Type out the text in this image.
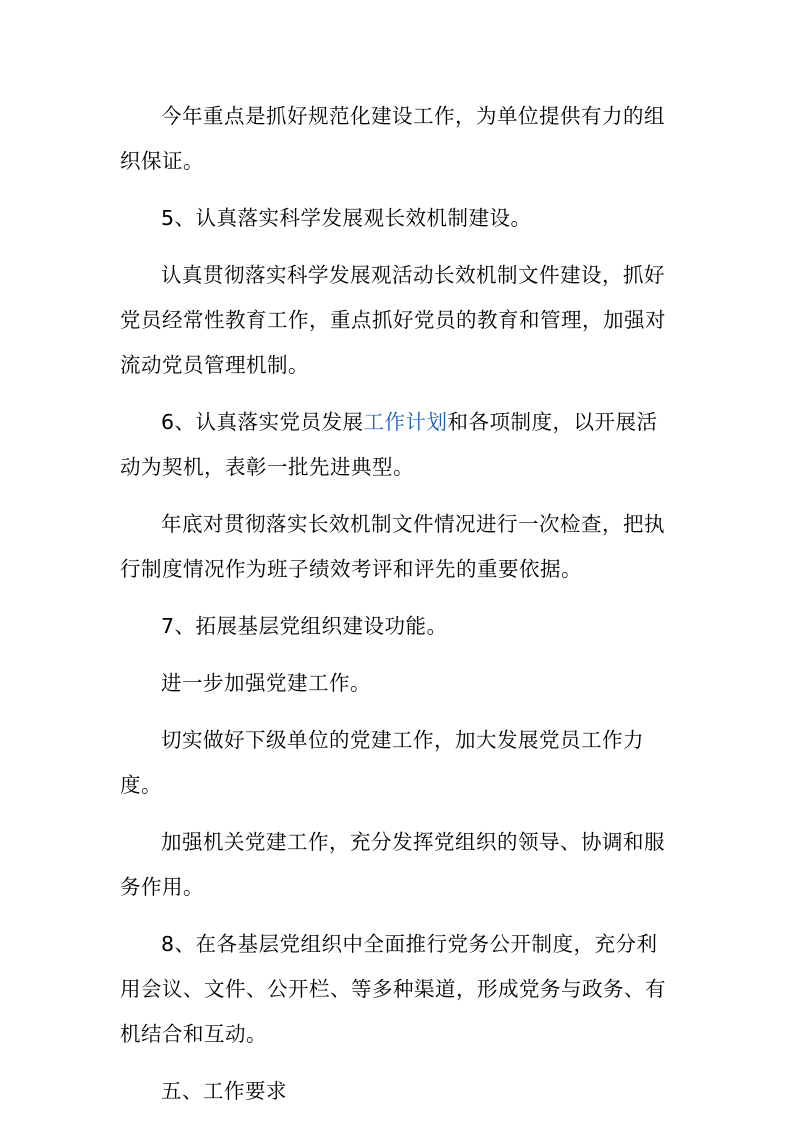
今年重点是抓好规范化建设工作，为单位提供有力的组织保证。

5、认真落实科学发展观长效机制建设。

认真贯彻落实科学发展观活动长效机制文件建设，抓好党员经常性教育工作，重点抓好党员的教育和管理，加强对流动党员管理机制。

6、认真落实党员发展工作计划和各项制度，以开展活动为契机，表彰一批先进典型。

年底对贯彻落实长效机制文件情况进行一次检查，把执行制度情况作为班子绩效考评和评先的重要依据。

7、拓展基层党组织建设功能。

进一步加强党建工作。

切实做好下级单位的党建工作，加大发展党员工作力度。

加强机关党建工作，充分发挥党组织的领导、协调和服务作用。

8、在各基层党组织中全面推行党务公开制度，充分利用会议、文件、公开栏、等多种渠道，形成党务与政务、有机结合和互动。

五、工作要求
